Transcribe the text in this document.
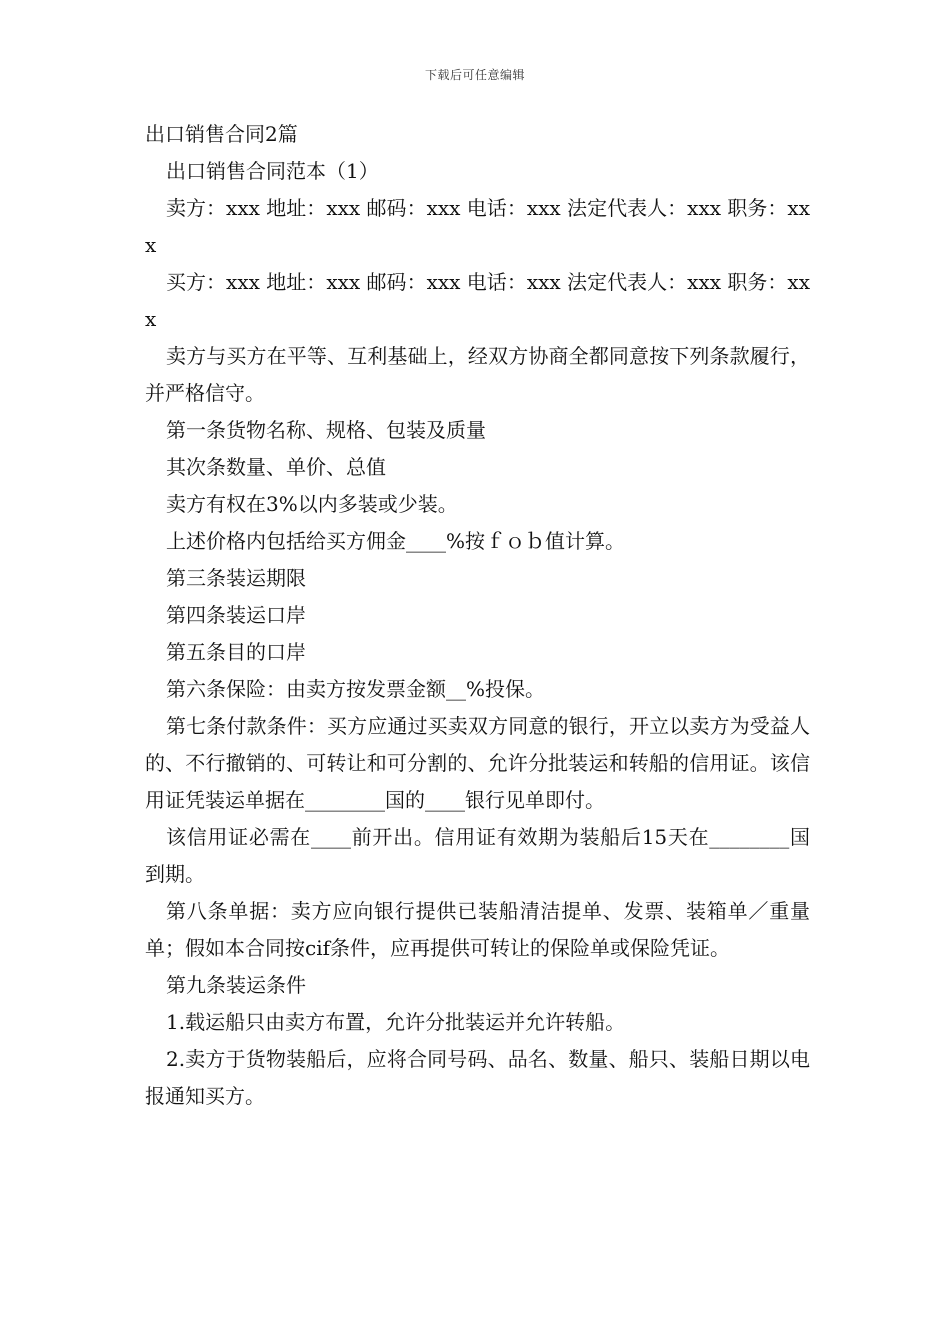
下载后可任意编辑

出口销售合同2篇

出口销售合同范本（1）

卖方：xxx 地址：xxx 邮码：xxx 电话：xxx 法定代表人：xxx 职务：xxx

买方：xxx 地址：xxx 邮码：xxx 电话：xxx 法定代表人：xxx 职务：xxx

卖方与买方在平等、互利基础上，经双方协商全都同意按下列条款履行，并严格信守。

第一条货物名称、规格、包装及质量

其次条数量、单价、总值

卖方有权在3%以内多装或少装。

上述价格内包括给买方佣金____%按ｆｏｂ值计算。

第三条装运期限

第四条装运口岸

第五条目的口岸

第六条保险：由卖方按发票金额__%投保。

第七条付款条件：买方应通过买卖双方同意的银行，开立以卖方为受益人的、不行撤销的、可转让和可分割的、允许分批装运和转船的信用证。该信用证凭装运单据在________国的____银行见单即付。

该信用证必需在____前开出。信用证有效期为装船后15天在________国到期。

第八条单据：卖方应向银行提供已装船清洁提单、发票、装箱单／重量单；假如本合同按cif条件，应再提供可转让的保险单或保险凭证。

第九条装运条件

1.载运船只由卖方布置，允许分批装运并允许转船。

2.卖方于货物装船后，应将合同号码、品名、数量、船只、装船日期以电报通知买方。
